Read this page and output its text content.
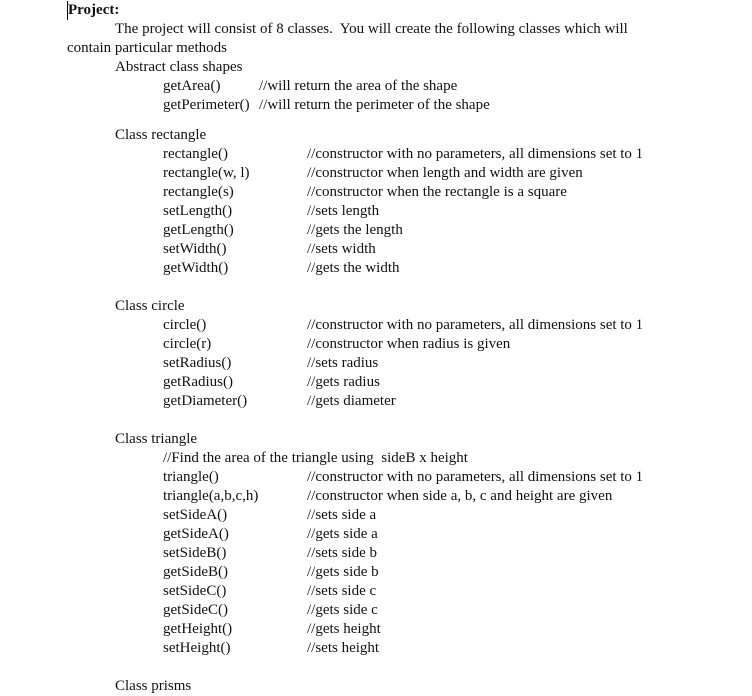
Project:
The project will consist of 8 classes.  You will create the following classes which will
contain particular methods
Abstract class shapes
getArea()	//will return the area of the shape
getPerimeter() //will return the perimeter of the shape
Class rectangle
rectangle()	//constructor with no parameters, all dimensions set to 1
rectangle(w, l)	//constructor when length and width are given
rectangle(s)	//constructor when the rectangle is a square
setLength()	//sets length
getLength()	//gets the length
setWidth()	//sets width
getWidth()	//gets the width
Class circle
circle()	//constructor with no parameters, all dimensions set to 1
circle(r)	//constructor when radius is given
setRadius()	//sets radius
getRadius()	//gets radius
getDiameter()	//gets diameter
Class triangle
//Find the area of the triangle using  sideB x height
triangle()	//constructor with no parameters, all dimensions set to 1
triangle(a,b,c,h)	//constructor when side a, b, c and height are given
setSideA()	//sets side a
getSideA()	//gets side a
setSideB()	//sets side b
getSideB()	//gets side b
setSideC()	//sets side c
getSideC()	//gets side c
getHeight()	//gets height
setHeight()	//sets height
Class prisms
